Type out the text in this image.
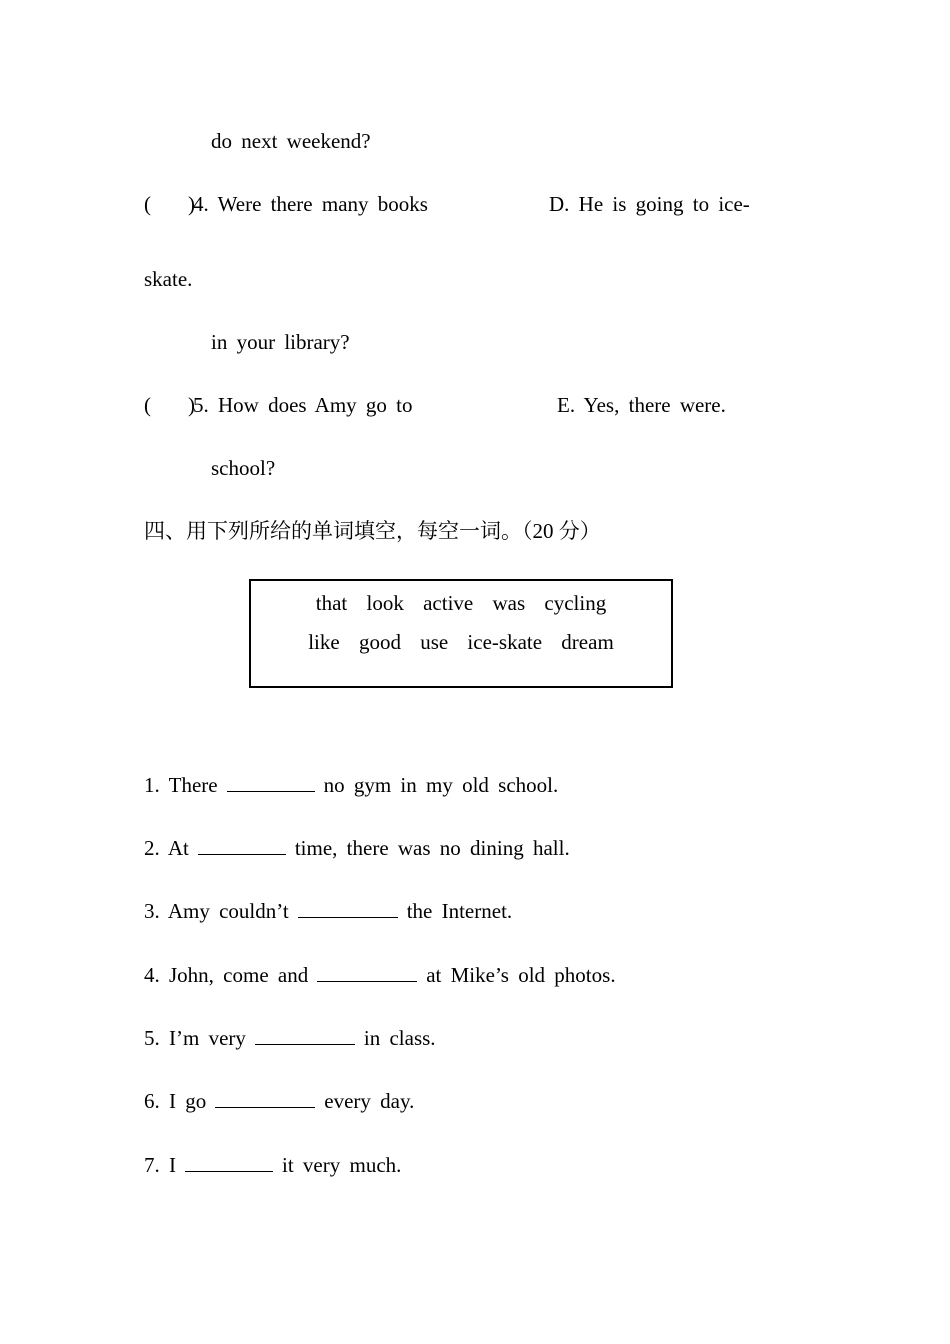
do next weekend?
(    )
4. Were there many books	D. He is going to ice-
skate.
in your library?
(    )
5. How does Amy go to	E. Yes, there were.
school?
四、用下列所给的单词填空，每空一词。（20 分）
that look active was cycling
like good use ice-skate dream
1. There	no gym in my old school.
2. At	time, there was no dining hall.
3. Amy couldn’t	the Internet.
4. John, come and	at Mike’s old photos.
5. I’m very	in class.
6. I go	every day.
7. I	it very much.
